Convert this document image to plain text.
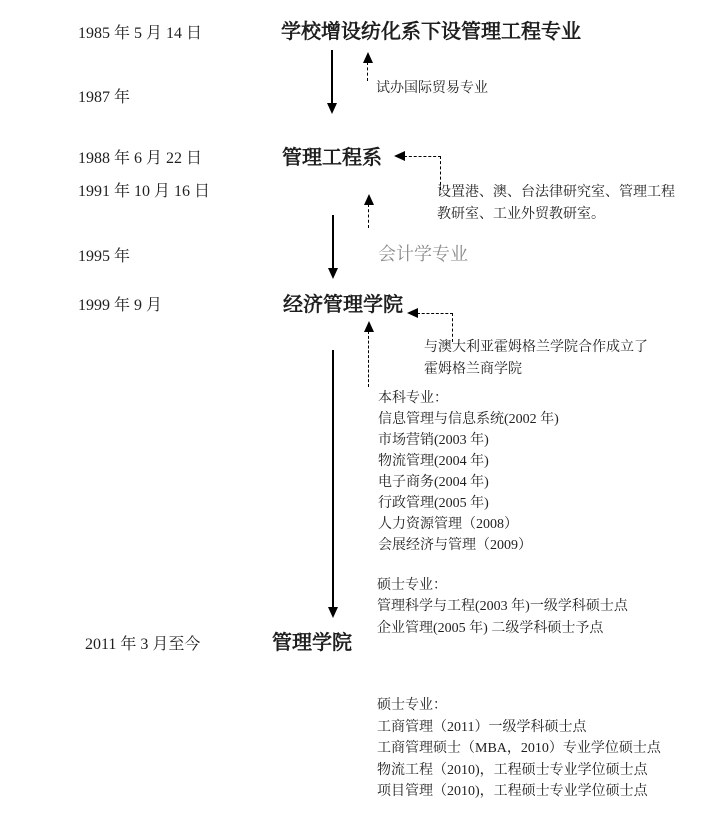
1985 年 5 月 14 日
1987 年
1988 年 6 月 22 日
1991 年 10 月 16 日
1995 年
1999 年 9 月
2011 年 3 月至今
学校增设纺化系下设管理工程专业
管理工程系
经济管理学院
管理学院
试办国际贸易专业
设置港、澳、台法律研究室、管理工程
教研室、工业外贸教研室。
会计学专业
与澳大利亚霍姆格兰学院合作成立了
霍姆格兰商学院
本科专业：
信息管理与信息系统(2002 年)
市场营销(2003 年)
物流管理(2004 年)
电子商务(2004 年)
行政管理(2005 年)
人力资源管理（2008）
会展经济与管理（2009）
硕士专业：
管理科学与工程(2003 年)一级学科硕士点
企业管理(2005 年) 二级学科硕士予点
硕士专业：
工商管理（2011）一级学科硕士点
工商管理硕士（MBA，2010）专业学位硕士点
物流工程（2010)，工程硕士专业学位硕士点
项目管理（2010)，工程硕士专业学位硕士点
